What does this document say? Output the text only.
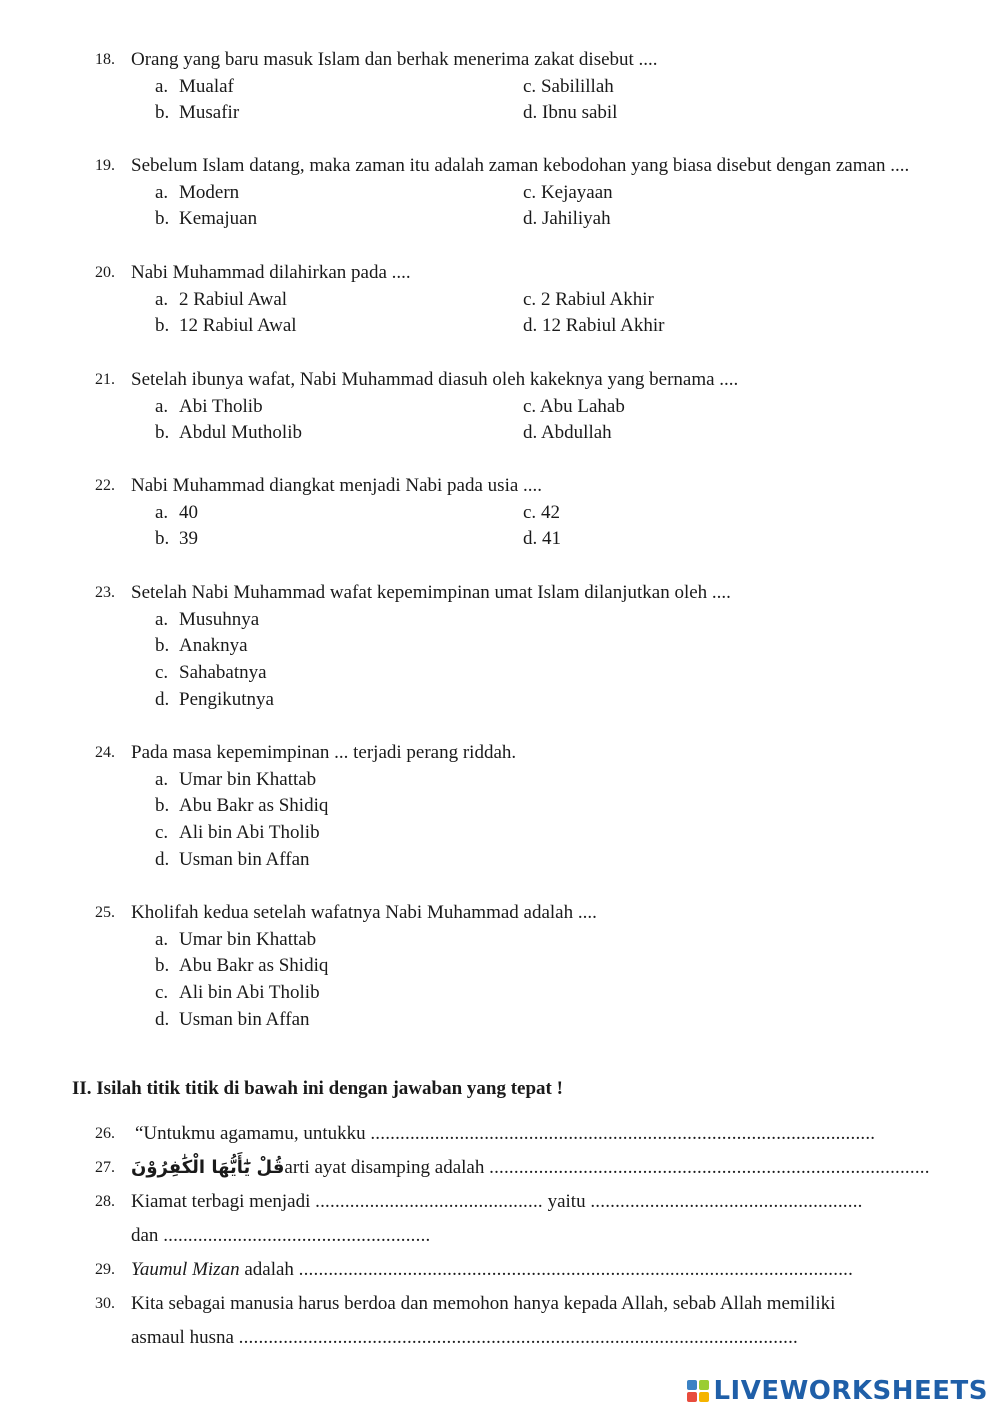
18. Orang yang baru masuk Islam dan berhak menerima zakat disebut ....
a. Mualaf	c. Sabilillah
b. Musafir	d. Ibnu sabil
19. Sebelum Islam datang, maka zaman itu adalah zaman kebodohan yang biasa disebut dengan zaman ....
a. Modern	c. Kejayaan
b. Kemajuan	d. Jahiliyah
20. Nabi Muhammad dilahirkan pada ....
a. 2 Rabiul Awal	c. 2 Rabiul Akhir
b. 12 Rabiul Awal	d. 12 Rabiul Akhir
21. Setelah ibunya wafat, Nabi Muhammad diasuh oleh kakeknya yang bernama ....
a. Abi Tholib	c. Abu Lahab
b. Abdul Mutholib	d. Abdullah
22. Nabi Muhammad diangkat menjadi Nabi pada usia ....
a. 40	c. 42
b. 39	d. 41
23. Setelah Nabi Muhammad wafat kepemimpinan umat Islam dilanjutkan oleh ....
a. Musuhnya
b. Anaknya
c. Sahabatnya
d. Pengikutnya
24. Pada masa kepemimpinan ... terjadi perang riddah.
a. Umar bin Khattab
b. Abu Bakr as Shidiq
c. Ali bin Abi Tholib
d. Usman bin Affan
25. Kholifah kedua setelah wafatnya Nabi Muhammad adalah ....
a. Umar bin Khattab
b. Abu Bakr as Shidiq
c. Ali bin Abi Tholib
d. Usman bin Affan
II. Isilah titik titik di bawah ini dengan jawaban yang tepat !
26.	“Untukmu agamamu, untukku ......................................................................................................
27. قُلْ يَٰٓأَيُّهَا الْكَٰفِرُوْنَarti ayat disamping adalah .........................................................................................
28. Kiamat terbagi menjadi .............................................. yaitu .......................................................
dan ......................................................
29. Yaumul Mizan adalah ................................................................................................................
30. Kita sebagai manusia harus berdoa dan memohon hanya kepada Allah, sebab Allah memiliki
asmaul husna .................................................................................................................
LIVEWORKSHEETS
